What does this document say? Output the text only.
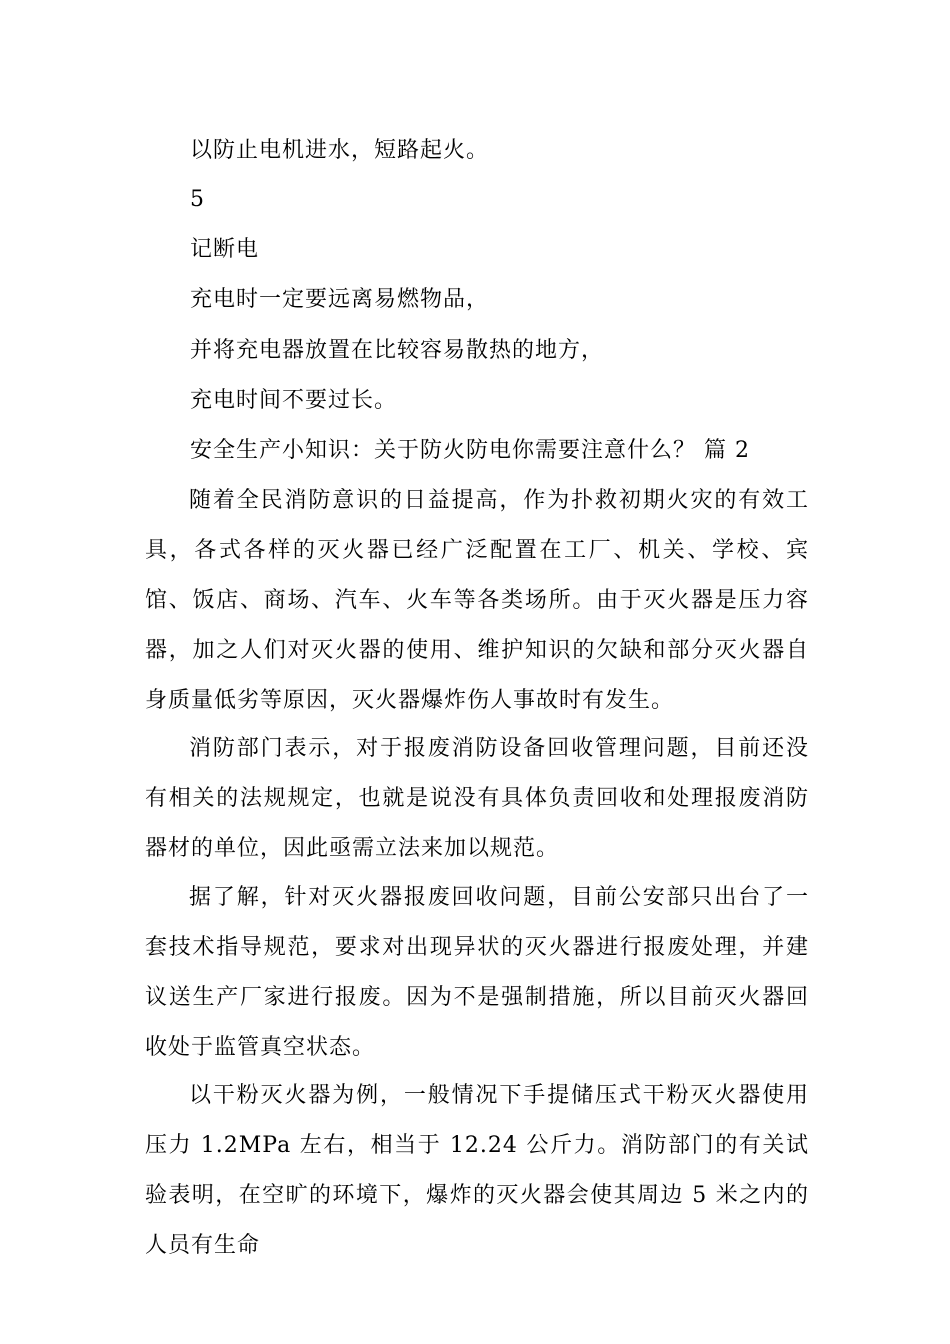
以防止电机进水，短路起火。
5
记断电
充电时一定要远离易燃物品，
并将充电器放置在比较容易散热的地方，
充电时间不要过长。
安全生产小知识：关于防火防电你需要注意什么？ 篇 2

随着全民消防意识的日益提高，作为扑救初期火灾的有效工具，各式各样的灭火器已经广泛配置在工厂、机关、学校、宾馆、饭店、商场、汽车、火车等各类场所。由于灭火器是压力容器，加之人们对灭火器的使用、维护知识的欠缺和部分灭火器自身质量低劣等原因，灭火器爆炸伤人事故时有发生。

消防部门表示，对于报废消防设备回收管理问题，目前还没有相关的法规规定，也就是说没有具体负责回收和处理报废消防器材的单位，因此亟需立法来加以规范。

据了解，针对灭火器报废回收问题，目前公安部只出台了一套技术指导规范，要求对出现异状的灭火器进行报废处理，并建议送生产厂家进行报废。因为不是强制措施，所以目前灭火器回收处于监管真空状态。

以干粉灭火器为例，一般情况下手提储压式干粉灭火器使用压力 1.2MPa 左右，相当于 12.24 公斤力。消防部门的有关试验表明，在空旷的环境下，爆炸的灭火器会使其周边 5 米之内的人员有生命
